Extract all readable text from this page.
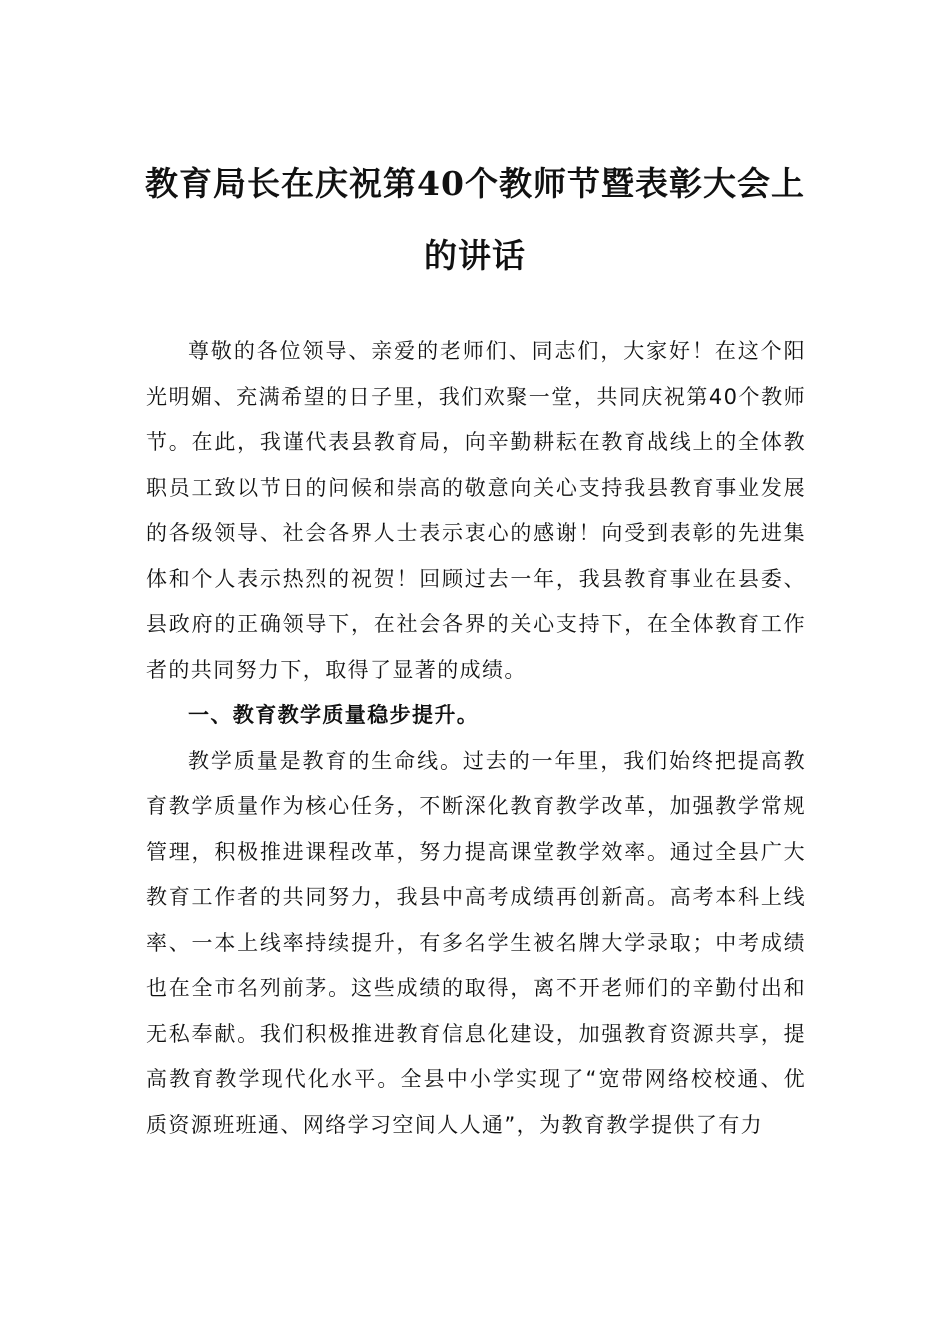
教育局长在庆祝第40个教师节暨表彰大会上的讲话

尊敬的各位领导、亲爱的老师们、同志们，大家好！在这个阳光明媚、充满希望的日子里，我们欢聚一堂，共同庆祝第40个教师节。在此，我谨代表县教育局，向辛勤耕耘在教育战线上的全体教职员工致以节日的问候和崇高的敬意向关心支持我县教育事业发展的各级领导、社会各界人士表示衷心的感谢！向受到表彰的先进集体和个人表示热烈的祝贺！回顾过去一年，我县教育事业在县委、县政府的正确领导下，在社会各界的关心支持下，在全体教育工作者的共同努力下，取得了显著的成绩。

一、教育教学质量稳步提升。

教学质量是教育的生命线。过去的一年里，我们始终把提高教育教学质量作为核心任务，不断深化教育教学改革，加强教学常规管理，积极推进课程改革，努力提高课堂教学效率。通过全县广大教育工作者的共同努力，我县中高考成绩再创新高。高考本科上线率、一本上线率持续提升，有多名学生被名牌大学录取；中考成绩也在全市名列前茅。这些成绩的取得，离不开老师们的辛勤付出和无私奉献。我们积极推进教育信息化建设，加强教育资源共享，提高教育教学现代化水平。全县中小学实现了“宽带网络校校通、优质资源班班通、网络学习空间人人通”，为教育教学提供了有力
